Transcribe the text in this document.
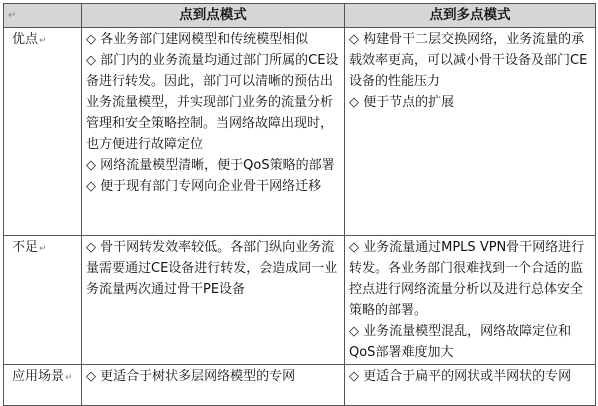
↵	点到点模式	点到多点模式
优点↵	◇ 各业务部门建网模型和传统模型相似
◇ 部门内的业务流量均通过部门所属的CE设备进行转发。因此，部门可以清晰的预估出业务流量模型，并实现部门业务的流量分析管理和安全策略控制。当网络故障出现时，也方便进行故障定位
◇ 网络流量模型清晰，便于QoS策略的部署
◇ 便于现有部门专网向企业骨干网络迁移	◇ 构建骨干二层交换网络，业务流量的承载效率更高，可以减小骨干设备及部门CE设备的性能压力
◇ 便于节点的扩展

不足↵	◇ 骨干网转发效率较低。各部门纵向业务流量需要通过CE设备进行转发，会造成同一业务流量两次通过骨干PE设备	◇ 业务流量通过MPLS VPN骨干网络进行转发。各业务部门很难找到一个合适的监控点进行网络流量分析以及进行总体安全策略的部署。
◇ 业务流量模型混乱，网络故障定位和QoS部署难度加大

应用场景↵	◇ 更适合于树状多层网络模型的专网	◇ 更适合于扁平的网状或半网状的专网
